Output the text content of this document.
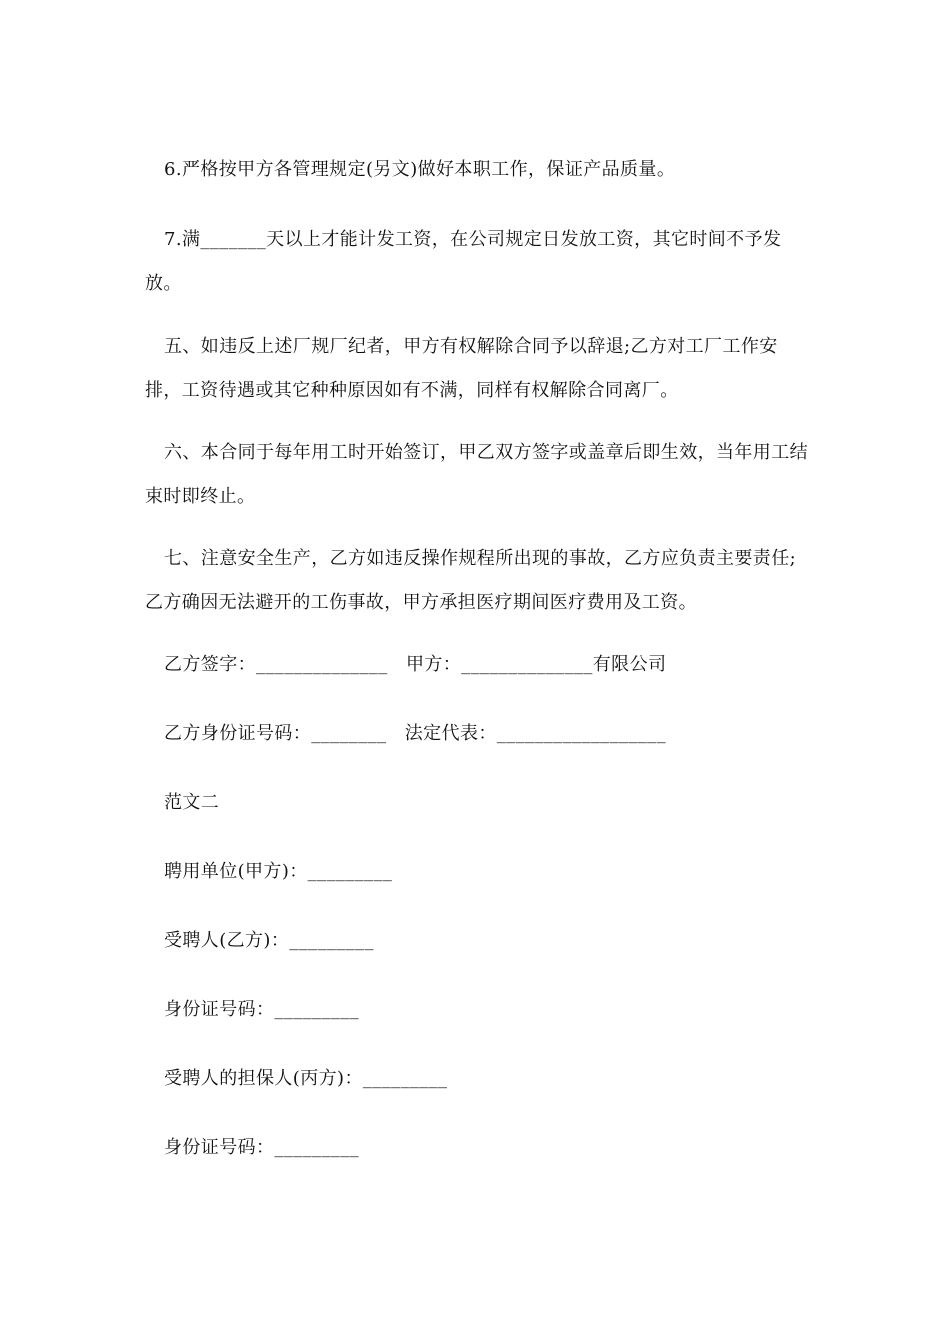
6.严格按甲方各管理规定(另文)做好本职工作，保证产品质量。

7.满_______天以上才能计发工资，在公司规定日发放工资，其它时间不予发放。

五、如违反上述厂规厂纪者，甲方有权解除合同予以辞退;乙方对工厂工作安排，工资待遇或其它种种原因如有不满，同样有权解除合同离厂。

六、本合同于每年用工时开始签订，甲乙双方签字或盖章后即生效，当年用工结束时即终止。

七、注意安全生产，乙方如违反操作规程所出现的事故，乙方应负责主要责任;乙方确因无法避开的工伤事故，甲方承担医疗期间医疗费用及工资。

乙方签字：______________   甲方：______________有限公司

乙方身份证号码：________   法定代表：__________________

范文二

聘用单位(甲方)：_________

受聘人(乙方)：_________

身份证号码：_________

受聘人的担保人(丙方)：_________

身份证号码：_________
